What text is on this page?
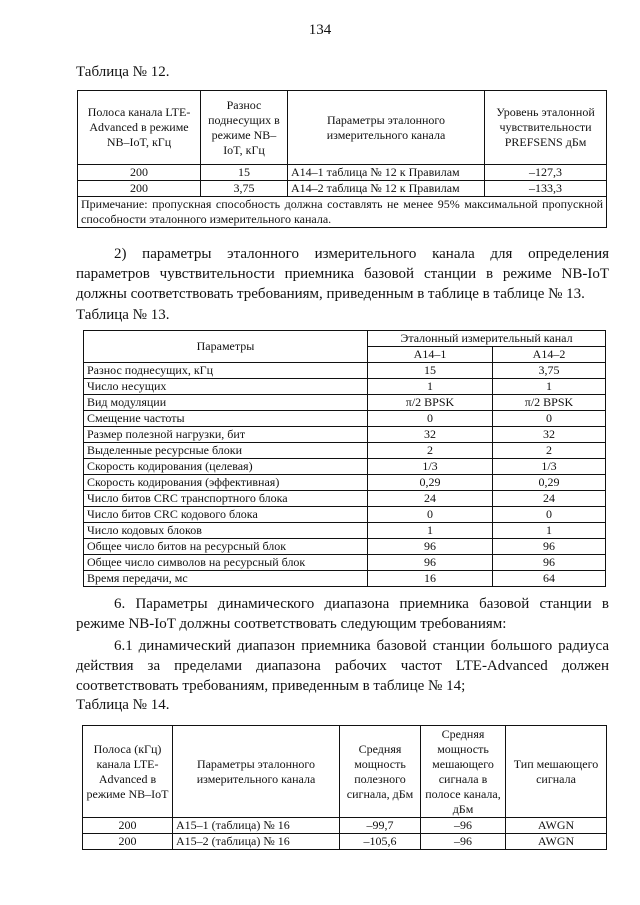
134
Таблица № 12.
Полоса канала LTE-Advanced в режиме NB–IoT, кГц	Разнос поднесущих в режиме NB–IoT, кГц	Параметры эталонного измерительного канала	Уровень эталонной чувствительности PREFSENS дБм
200	15	A14–1 таблица № 12 к Правилам	–127,3
200	3,75	A14–2 таблица № 12 к Правилам	–133,3
Примечание: пропускная способность должна составлять не менее 95% максимальной пропускной способности эталонного измерительного канала.			
2) параметры эталонного измерительного канала для определения параметров чувствительности приемника базовой станции в режиме NB-IoT должны соответствовать требованиям, приведенным в таблице в таблице № 13.
Таблица № 13.
Параметры	Эталонный измерительный канал	
	A14–1	A14–2
Разнос поднесущих, кГц	15	3,75
Число несущих	1	1
Вид модуляции	π/2 BPSK	π/2 BPSK
Смещение частоты	0	0
Размер полезной нагрузки, бит	32	32
Выделенные ресурсные блоки	2	2
Скорость кодирования (целевая)	1/3	1/3
Скорость кодирования (эффективная)	0,29	0,29
Число битов CRC транспортного блока	24	24
Число битов CRC кодового блока	0	0
Число кодовых блоков	1	1
Общее число битов на ресурсный блок	96	96
Общее число символов на ресурсный блок	96	96
Время передачи, мс	16	64
6. Параметры динамического диапазона приемника базовой станции в режиме NB-IoT должны соответствовать следующим требованиям:
6.1 динамический диапазон приемника базовой станции большого радиуса действия за пределами диапазона рабочих частот LTE-Advanced должен соответствовать требованиям, приведенным в таблице № 14;
Таблица № 14.
Полоса (кГц) канала LTE-Advanced в режиме NB–IoT	Параметры эталонного измерительного канала	Средняя мощность полезного сигнала, дБм	Средняя мощность мешающего сигнала в полосе канала, дБм	Тип мешающего сигнала
200	A15–1 (таблица) № 16	–99,7	–96	AWGN
200	A15–2 (таблица) № 16	–105,6	–96	AWGN
